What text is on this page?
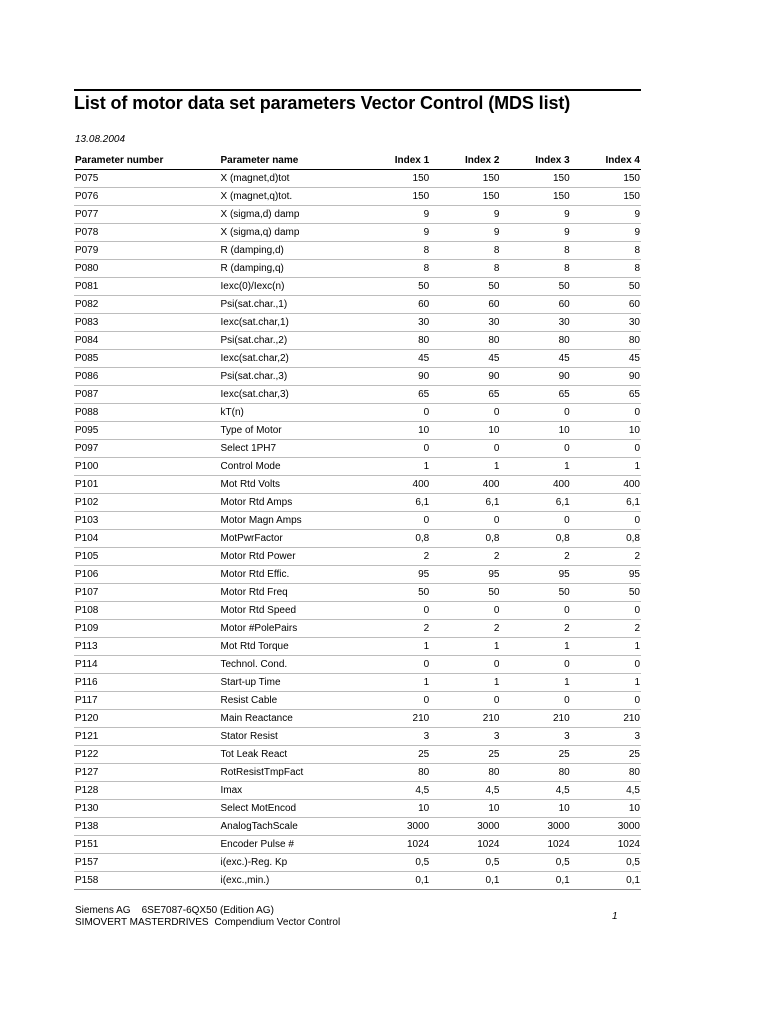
List of motor data set parameters Vector Control (MDS list)
13.08.2004
Parameter number	Parameter name	Index 1	Index 2	Index 3	Index 4
P075	X (magnet,d)tot	150	150	150	150
P076	X (magnet,q)tot.	150	150	150	150
P077	X (sigma,d) damp	9	9	9	9
P078	X (sigma,q) damp	9	9	9	9
P079	R (damping,d)	8	8	8	8
P080	R (damping,q)	8	8	8	8
P081	Iexc(0)/Iexc(n)	50	50	50	50
P082	Psi(sat.char.,1)	60	60	60	60
P083	Iexc(sat.char,1)	30	30	30	30
P084	Psi(sat.char.,2)	80	80	80	80
P085	Iexc(sat.char,2)	45	45	45	45
P086	Psi(sat.char.,3)	90	90	90	90
P087	Iexc(sat.char,3)	65	65	65	65
P088	kT(n)	0	0	0	0
P095	Type of Motor	10	10	10	10
P097	Select 1PH7	0	0	0	0
P100	Control Mode	1	1	1	1
P101	Mot Rtd Volts	400	400	400	400
P102	Motor Rtd Amps	6,1	6,1	6,1	6,1
P103	Motor Magn Amps	0	0	0	0
P104	MotPwrFactor	0,8	0,8	0,8	0,8
P105	Motor Rtd Power	2	2	2	2
P106	Motor Rtd Effic.	95	95	95	95
P107	Motor Rtd Freq	50	50	50	50
P108	Motor Rtd Speed	0	0	0	0
P109	Motor #PolePairs	2	2	2	2
P113	Mot Rtd Torque	1	1	1	1
P114	Technol. Cond.	0	0	0	0
P116	Start-up Time	1	1	1	1
P117	Resist Cable	0	0	0	0
P120	Main Reactance	210	210	210	210
P121	Stator Resist	3	3	3	3
P122	Tot Leak React	25	25	25	25
P127	RotResistTmpFact	80	80	80	80
P128	Imax	4,5	4,5	4,5	4,5
P130	Select MotEncod	10	10	10	10
P138	AnalogTachScale	3000	3000	3000	3000
P151	Encoder Pulse #	1024	1024	1024	1024
P157	i(exc.)-Reg. Kp	0,5	0,5	0,5	0,5
P158	i(exc.,min.)	0,1	0,1	0,1	0,1
Siemens AG 6SE7087-6QX50 (Edition AG)
SIMOVERT MASTERDRIVES Compendium Vector Control
1
